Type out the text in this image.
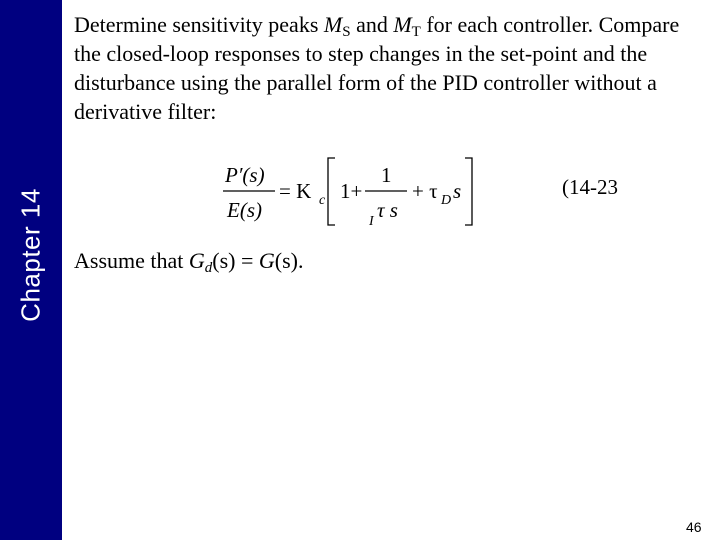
Chapter 14
Determine sensitivity peaks $M_S$ and $M_T$ for each controller. Compare the closed-loop responses to step changes in the set-point and the disturbance using the parallel form of the PID controller without a derivative filter:
P′(s)
E(s)
= K c 1+
1
τ s
I
+ τ D s	(14-23
Assume that $G_d(s) = G(s)$.
46
